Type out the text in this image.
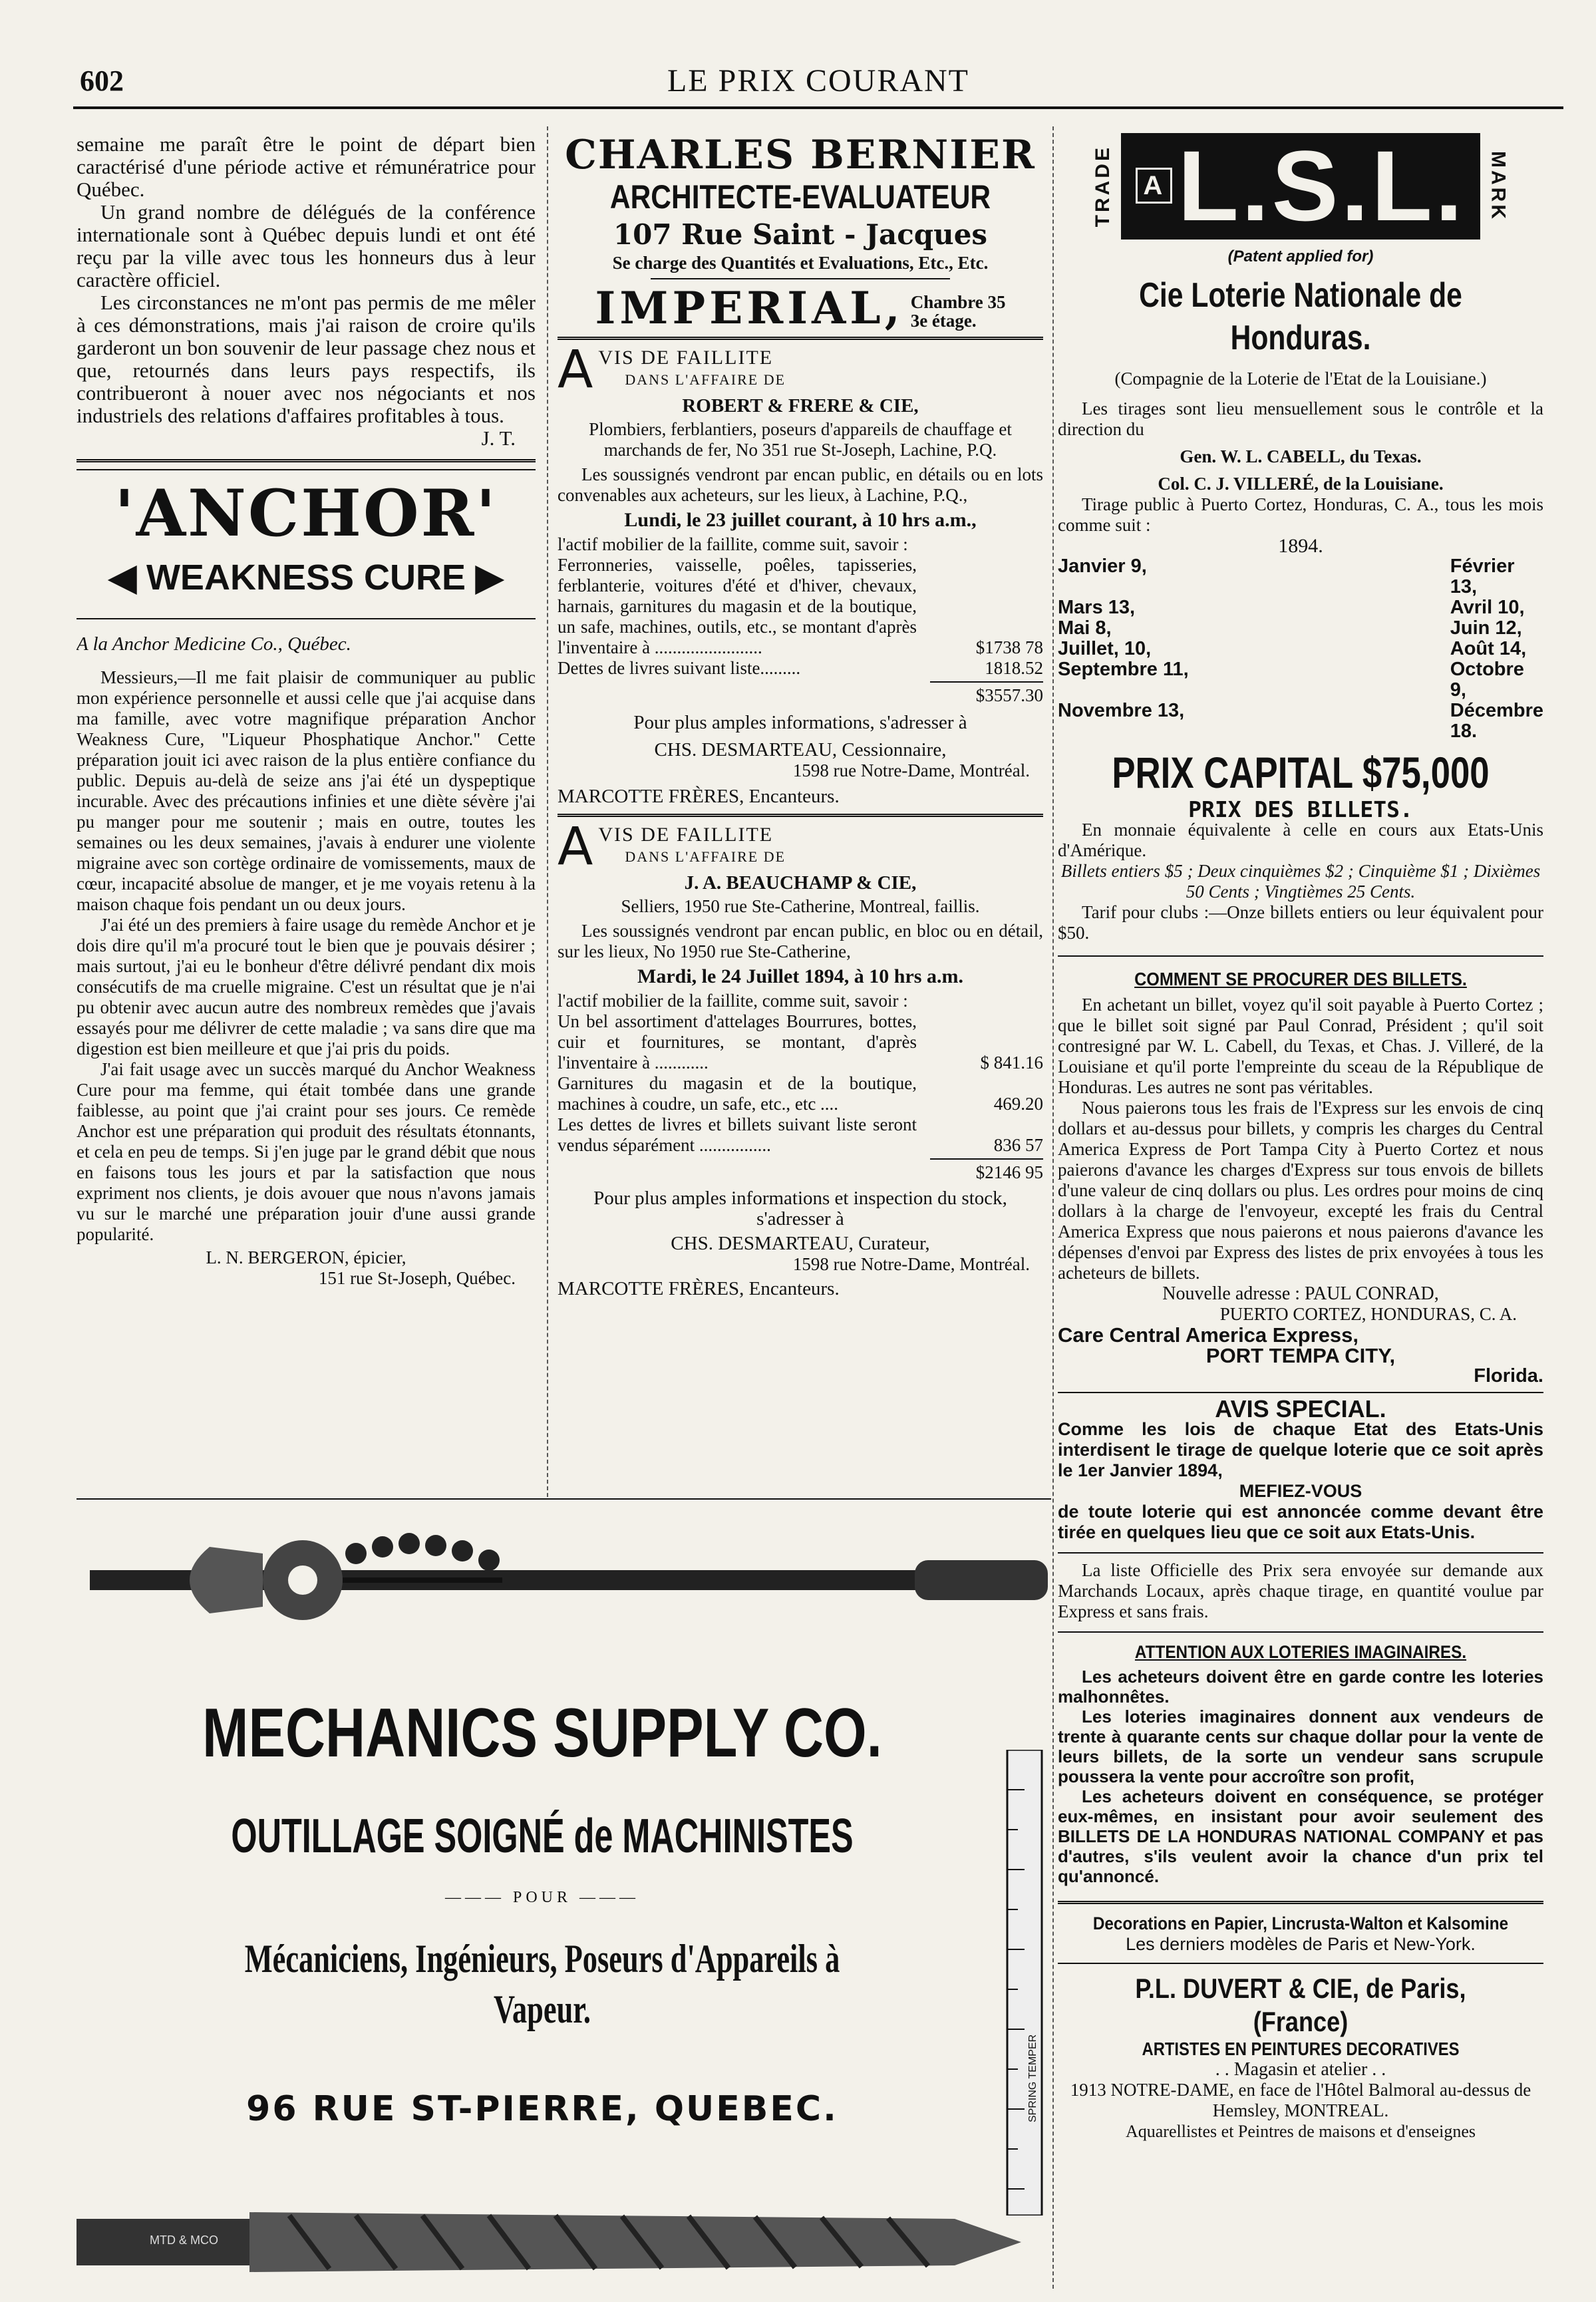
602	LE PRIX COURANT

semaine me paraît être le point de départ bien caractérisé d'une période active et rémunératrice pour Québec.

Un grand nombre de délégués de la conférence internationale sont à Québec depuis lundi et ont été reçu par la ville avec tous les honneurs dus à leur caractère officiel.

Les circonstances ne m'ont pas permis de me mêler à ces démonstrations, mais j'ai raison de croire qu'ils garderont un bon souvenir de leur passage chez nous et que, retournés dans leurs pays respectifs, ils contribueront à nouer avec nos négociants et nos industriels des relations d'affaires profitables à tous.

J. T.

'ANCHOR'
◀ WEAKNESS CURE ▶

A la Anchor Medicine Co., Québec.

Messieurs,—Il me fait plaisir de communiquer au public mon expérience personnelle et aussi celle que j'ai acquise dans ma famille, avec votre magnifique préparation Anchor Weakness Cure, "Liqueur Phosphatique Anchor." Cette préparation jouit ici avec raison de la plus entière confiance du public. Depuis au-delà de seize ans j'ai été un dyspeptique incurable. Avec des précautions infinies et une diète sévère j'ai pu manger pour me soutenir ; mais en outre, toutes les semaines ou les deux semaines, j'avais à endurer une violente migraine avec son cortège ordinaire de vomissements, maux de cœur, incapacité absolue de manger, et je me voyais retenu à la maison chaque fois pendant un ou deux jours.

J'ai été un des premiers à faire usage du remède Anchor et je dois dire qu'il m'a procuré tout le bien que je pouvais désirer ; mais surtout, j'ai eu le bonheur d'être délivré pendant dix mois consécutifs de ma cruelle migraine. C'est un résultat que je n'ai pu obtenir avec aucun autre des nombreux remèdes que j'avais essayés pour me délivrer de cette maladie ; va sans dire que ma digestion est bien meilleure et que j'ai pris du poids.

J'ai fait usage avec un succès marqué du Anchor Weakness Cure pour ma femme, qui était tombée dans une grande faiblesse, au point que j'ai craint pour ses jours. Ce remède Anchor est une préparation qui produit des résultats étonnants, et cela en peu de temps. Si j'en juge par le grand débit que nous en faisons tous les jours et par la satisfaction que nous expriment nos clients, je dois avouer que nous n'avons jamais vu sur le marché une préparation jouir d'une aussi grande popularité.

L. N. BERGERON, épicier,

151 rue St-Joseph, Québec.

CHARLES BERNIER
ARCHITECTE-EVALUATEUR
107 Rue Saint - Jacques
Se charge des Quantités et Evaluations, Etc., Etc.
IMPERIAL, Chambre 35
3e étage.
A VIS DE FAILLITE
DANS L'AFFAIRE DE

ROBERT & FRERE & CIE,

Plombiers, ferblantiers, poseurs d'appareils de chauffage et marchands de fer, No 351 rue St-Joseph, Lachine, P.Q.

Les soussignés vendront par encan public, en détails ou en lots convenables aux acheteurs, sur les lieux, à Lachine, P.Q.,

Lundi, le 23 juillet courant, à 10 hrs a.m.,

l'actif mobilier de la faillite, comme suit, savoir :

Ferronneries, vaisselle, poêles, tapisseries, ferblanterie, voitures d'été et d'hiver, chevaux, harnais, garnitures du magasin et de la boutique, un safe, machines, outils, etc., se montant d'après l'inventaire à ........................	$1738 78
Dettes de livres suivant liste.........	1818.52

$3557.30

Pour plus amples informations, s'adresser à

CHS. DESMARTEAU, Cessionnaire,

1598 rue Notre-Dame, Montréal.

MARCOTTE FRÈRES, Encanteurs.

A VIS DE FAILLITE
DANS L'AFFAIRE DE

J. A. BEAUCHAMP & CIE,

Selliers, 1950 rue Ste-Catherine, Montreal, faillis.

Les soussignés vendront par encan public, en bloc ou en détail, sur les lieux, No 1950 rue Ste-Catherine,

Mardi, le 24 Juillet 1894, à 10 hrs a.m.

l'actif mobilier de la faillite, comme suit, savoir :

Un bel assortiment d'attelages Bourrures, bottes, cuir et fournitures, se montant, d'après l'inventaire à ............	$ 841.16
Garnitures du magasin et de la boutique, machines à coudre, un safe, etc., etc ....	469.20
Les dettes de livres et billets suivant liste seront vendus séparément ................	836 57

$2146 95

Pour plus amples informations et inspection du stock, s'adresser à

CHS. DESMARTEAU, Curateur,

1598 rue Notre-Dame, Montréal.

MARCOTTE FRÈRES, Encanteurs.

TRADE	$^A$ L.S.L.	MARK

(Patent applied for)

Cie Loterie Nationale de Honduras.

(Compagnie de la Loterie de l'Etat de la Louisiane.)

Les tirages sont lieu mensuellement sous le contrôle et la direction du

Gen. W. L. CABELL, du Texas.

Col. C. J. VILLERÉ, de la Louisiane.

Tirage public à Puerto Cortez, Honduras, C. A., tous les mois comme suit :

1894.

Janvier 9,	Février 13,
Mars 13,	Avril 10,
Mai 8,	Juin 12,
Juillet, 10,	Août 14,
Septembre 11,	Octobre 9,
Novembre 13,	Décembre 18.
PRIX CAPITAL $75,000

PRIX DES BILLETS.

En monnaie équivalente à celle en cours aux Etats-Unis d'Amérique.

Billets entiers $5 ; Deux cinquièmes $2 ; Cinquième $1 ; Dixièmes 50 Cents ; Vingtièmes 25 Cents.

Tarif pour clubs :—Onze billets entiers ou leur équivalent pour $50.

COMMENT SE PROCURER DES BILLETS.

En achetant un billet, voyez qu'il soit payable à Puerto Cortez ; que le billet soit signé par Paul Conrad, Président ; qu'il soit contresigné par W. L. Cabell, du Texas, et Chas. J. Villeré, de la Louisiane et qu'il porte l'empreinte du sceau de la République de Honduras. Les autres ne sont pas véritables.

Nous paierons tous les frais de l'Express sur les envois de cinq dollars et au-dessus pour billets, y compris les charges du Central America Express de Port Tampa City à Puerto Cortez et nous paierons d'avance les charges d'Express sur tous envois de billets d'une valeur de cinq dollars ou plus. Les ordres pour moins de cinq dollars à la charge de l'envoyeur, excepté les frais du Central America Express que nous paierons et nous paierons d'avance les dépenses d'envoi par Express des listes de prix envoyées à tous les acheteurs de billets.

Nouvelle adresse : PAUL CONRAD,

PUERTO CORTEZ, HONDURAS, C. A.

Care Central America Express,

PORT TEMPA CITY,

Florida.

AVIS SPECIAL.

Comme les lois de chaque Etat des Etats-Unis interdisent le tirage de quelque loterie que ce soit après le 1er Janvier 1894,

MEFIEZ-VOUS

de toute loterie qui est annoncée comme devant être tirée en quelques lieu que ce soit aux Etats-Unis.

La liste Officielle des Prix sera envoyée sur demande aux Marchands Locaux, après chaque tirage, en quantité voulue par Express et sans frais.

ATTENTION AUX LOTERIES IMAGINAIRES.

Les acheteurs doivent être en garde contre les loteries malhonnêtes.

Les loteries imaginaires donnent aux vendeurs de trente à quarante cents sur chaque dollar pour la vente de leurs billets, de la sorte un vendeur sans scrupule poussera la vente pour accroître son profit,

Les acheteurs doivent en conséquence, se protéger eux-mêmes, en insistant pour avoir seulement des BILLETS DE LA HONDURAS NATIONAL COMPANY et pas d'autres, s'ils veulent avoir la chance d'un prix tel qu'annoncé.

Decorations en Papier, Lincrusta-Walton et Kalsomine

Les derniers modèles de Paris et New-York.

P.L. DUVERT & CIE, de Paris, (France)

ARTISTES EN PEINTURES DECORATIVES

. . Magasin et atelier . .

1913 NOTRE-DAME, en face de l'Hôtel Balmoral au-dessus de Hemsley, MONTREAL.

Aquarellistes et Peintres de maisons et d'enseignes

MECHANICS SUPPLY CO.
OUTILLAGE SOIGNÉ de MACHINISTES
——— POUR ———
Mécaniciens, Ingénieurs, Poseurs d'Appareils à Vapeur.
96 RUE ST-PIERRE, QUEBEC.	SPRING TEMPER
MTD & MCO
